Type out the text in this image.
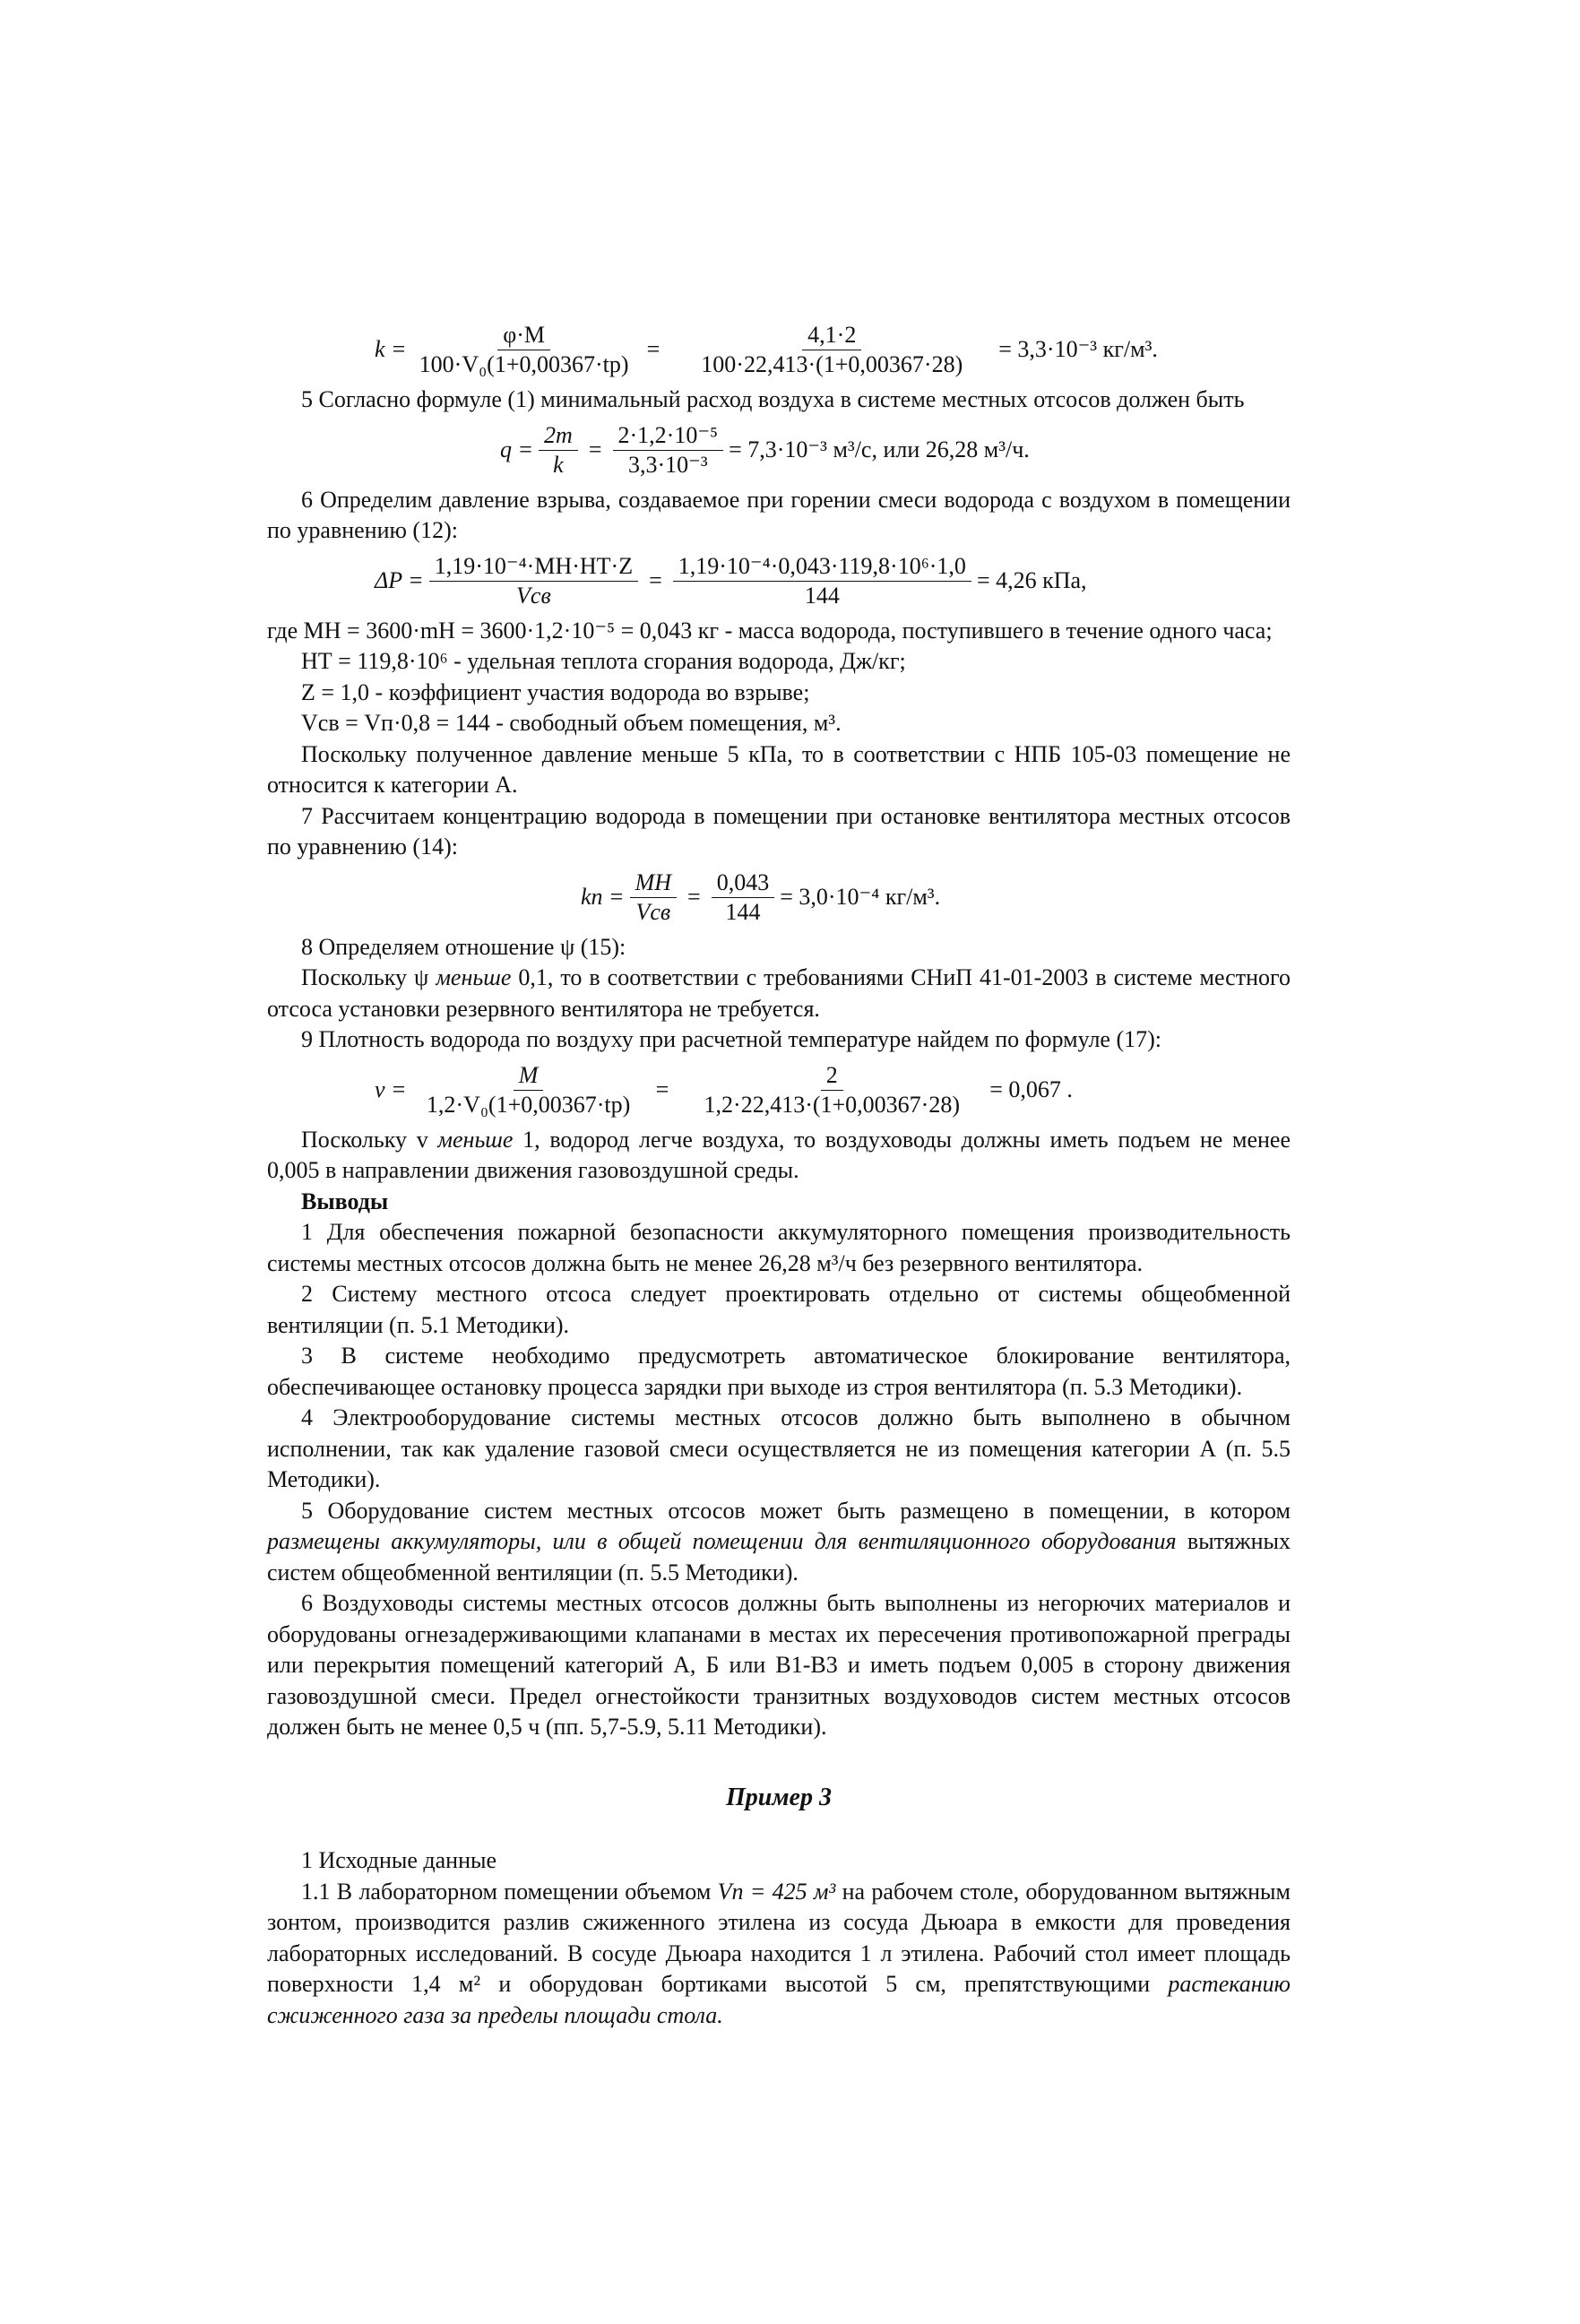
$k = \frac{\varphi\cdot M}{\text{100·V₀(1+0,00367·tр)}} = \frac{4,1\cdot 2}{100\cdot 22,413\cdot(1+0,00367\cdot 28)} = 3,3\cdot 10^{-3}$ кг/м³.

5 Согласно формуле (1) минимальный расход воздуха в системе местных отсосов должен быть

$q = \frac{2m}{k} = \frac{\text{2·1,2·10⁻⁵}}{\text{3,3·10⁻³}} = 7,3\cdot 10^{-3}$ м³/с, или 26,28 м³/ч.

6 Определим давление взрыва, создаваемое при горении смеси водорода с воздухом в помещении по уравнению (12):

$\Delta P = \frac{\text{1,19·10⁻⁴·MН·HТ·Z}}{\text{Vсв}} = \frac{\text{1,19·10⁻⁴·0,043·119,8·10⁶·1,0}}{144} = 4,26$ кПа,

где MН = 3600·mН = 3600·1,2·10⁻⁵ = 0,043 кг - масса водорода, поступившего в течение одного часа;

HТ = 119,8·10⁶ - удельная теплота сгорания водорода, Дж/кг;

Z = 1,0 - коэффициент участия водорода во взрыве;

Vсв = Vп·0,8 = 144 - свободный объем помещения, м³.

Поскольку полученное давление меньше 5 кПа, то в соответствии с НПБ 105-03 помещение не относится к категории А.

7 Рассчитаем концентрацию водорода в помещении при остановке вентилятора местных отсосов по уравнению (14):

kn = $\frac{MН}{\text{Vсв}} = \frac{0,043}{144} = 3,0\cdot 10^{-4}$ кг/м³.

8 Определяем отношение ψ (15):

Поскольку ψ меньше 0,1, то в соответствии с требованиями СНиП 41-01-2003 в системе местного отсоса установки резервного вентилятора не требуется.

9 Плотность водорода по воздуху при расчетной температуре найдем по формуле (17):

$v = \frac{M}{\text{1,2·V₀(1+0,00367·tр)}} = \frac{2}{1,2\cdot 22,413\cdot(1+0,00367\cdot 28)} = 0,067$ .

Поскольку v меньше 1, водород легче воздуха, то воздуховоды должны иметь подъем не менее 0,005 в направлении движения газовоздушной среды.

Выводы

1 Для обеспечения пожарной безопасности аккумуляторного помещения производительность системы местных отсосов должна быть не менее 26,28 м³/ч без резервного вентилятора.

2 Систему местного отсоса следует проектировать отдельно от системы общеобменной вентиляции (п. 5.1 Методики).

3 В системе необходимо предусмотреть автоматическое блокирование вентилятора, обеспечивающее остановку процесса зарядки при выходе из строя вентилятора (п. 5.3 Методики).

4 Электрооборудование системы местных отсосов должно быть выполнено в обычном исполнении, так как удаление газовой смеси осуществляется не из помещения категории А (п. 5.5 Методики).

5 Оборудование систем местных отсосов может быть размещено в помещении, в котором размещены аккумуляторы, или в общей помещении для вентиляционного оборудования вытяжных систем общеобменной вентиляции (п. 5.5 Методики).

6 Воздуховоды системы местных отсосов должны быть выполнены из негорючих материалов и оборудованы огнезадерживающими клапанами в местах их пересечения противопожарной преграды или перекрытия помещений категорий А, Б или В1-В3 и иметь подъем 0,005 в сторону движения газовоздушной смеси. Предел огнестойкости транзитных воздуховодов систем местных отсосов должен быть не менее 0,5 ч (пп. 5,7-5.9, 5.11 Методики).

Пример 3

1 Исходные данные

1.1 В лабораторном помещении объемом Vп = 425 м³ на рабочем столе, оборудованном вытяжным зонтом, производится разлив сжиженного этилена из сосуда Дьюара в емкости для проведения лабораторных исследований. В сосуде Дьюара находится 1 л этилена. Рабочий стол имеет площадь поверхности 1,4 м² и оборудован бортиками высотой 5 см, препятствующими растеканию сжиженного газа за пределы площади стола.
